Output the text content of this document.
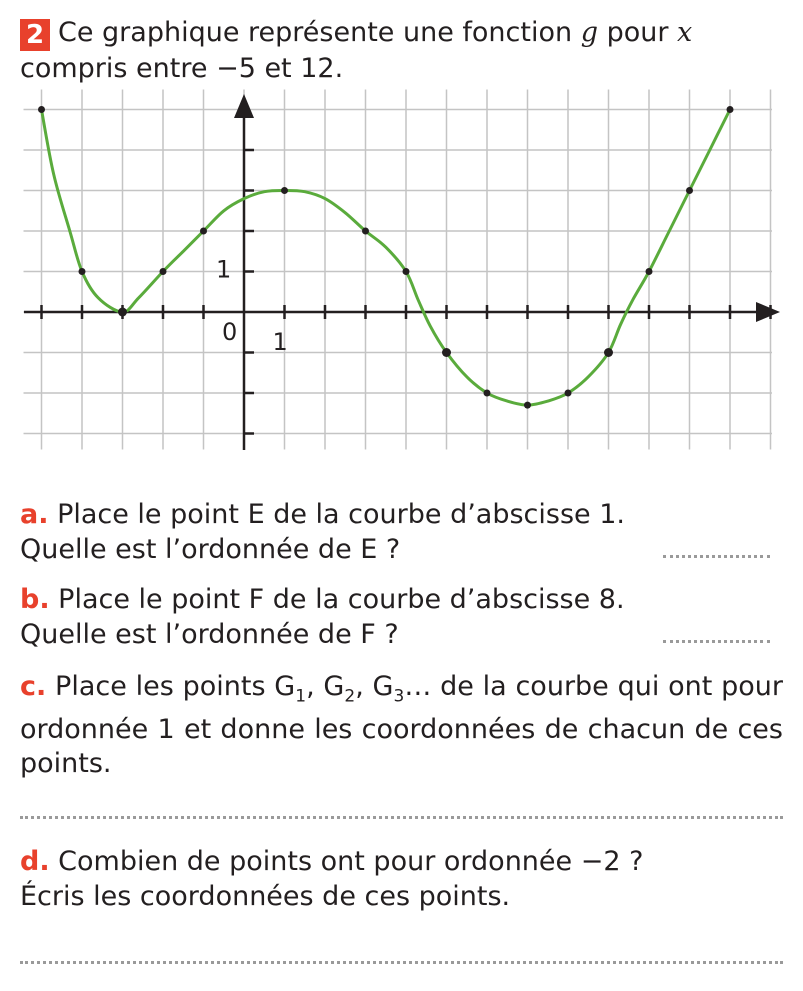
2 Ce graphique représente une fonction g pour x

compris entre −5 et 12.

0 1
1

a. Place le point E de la courbe d’abscisse 1.

Quelle est l’ordonnée de E ?

b. Place le point F de la courbe d’abscisse 8.

Quelle est l’ordonnée de F ?

c. Place les points $G_1$, $G_2$, $G_3\dots$ de la courbe qui ont pour ordonnée 1 et donne les coordonnées de chacun de ces points.

d. Combien de points ont pour ordonnée −2 ?

Écris les coordonnées de ces points.
